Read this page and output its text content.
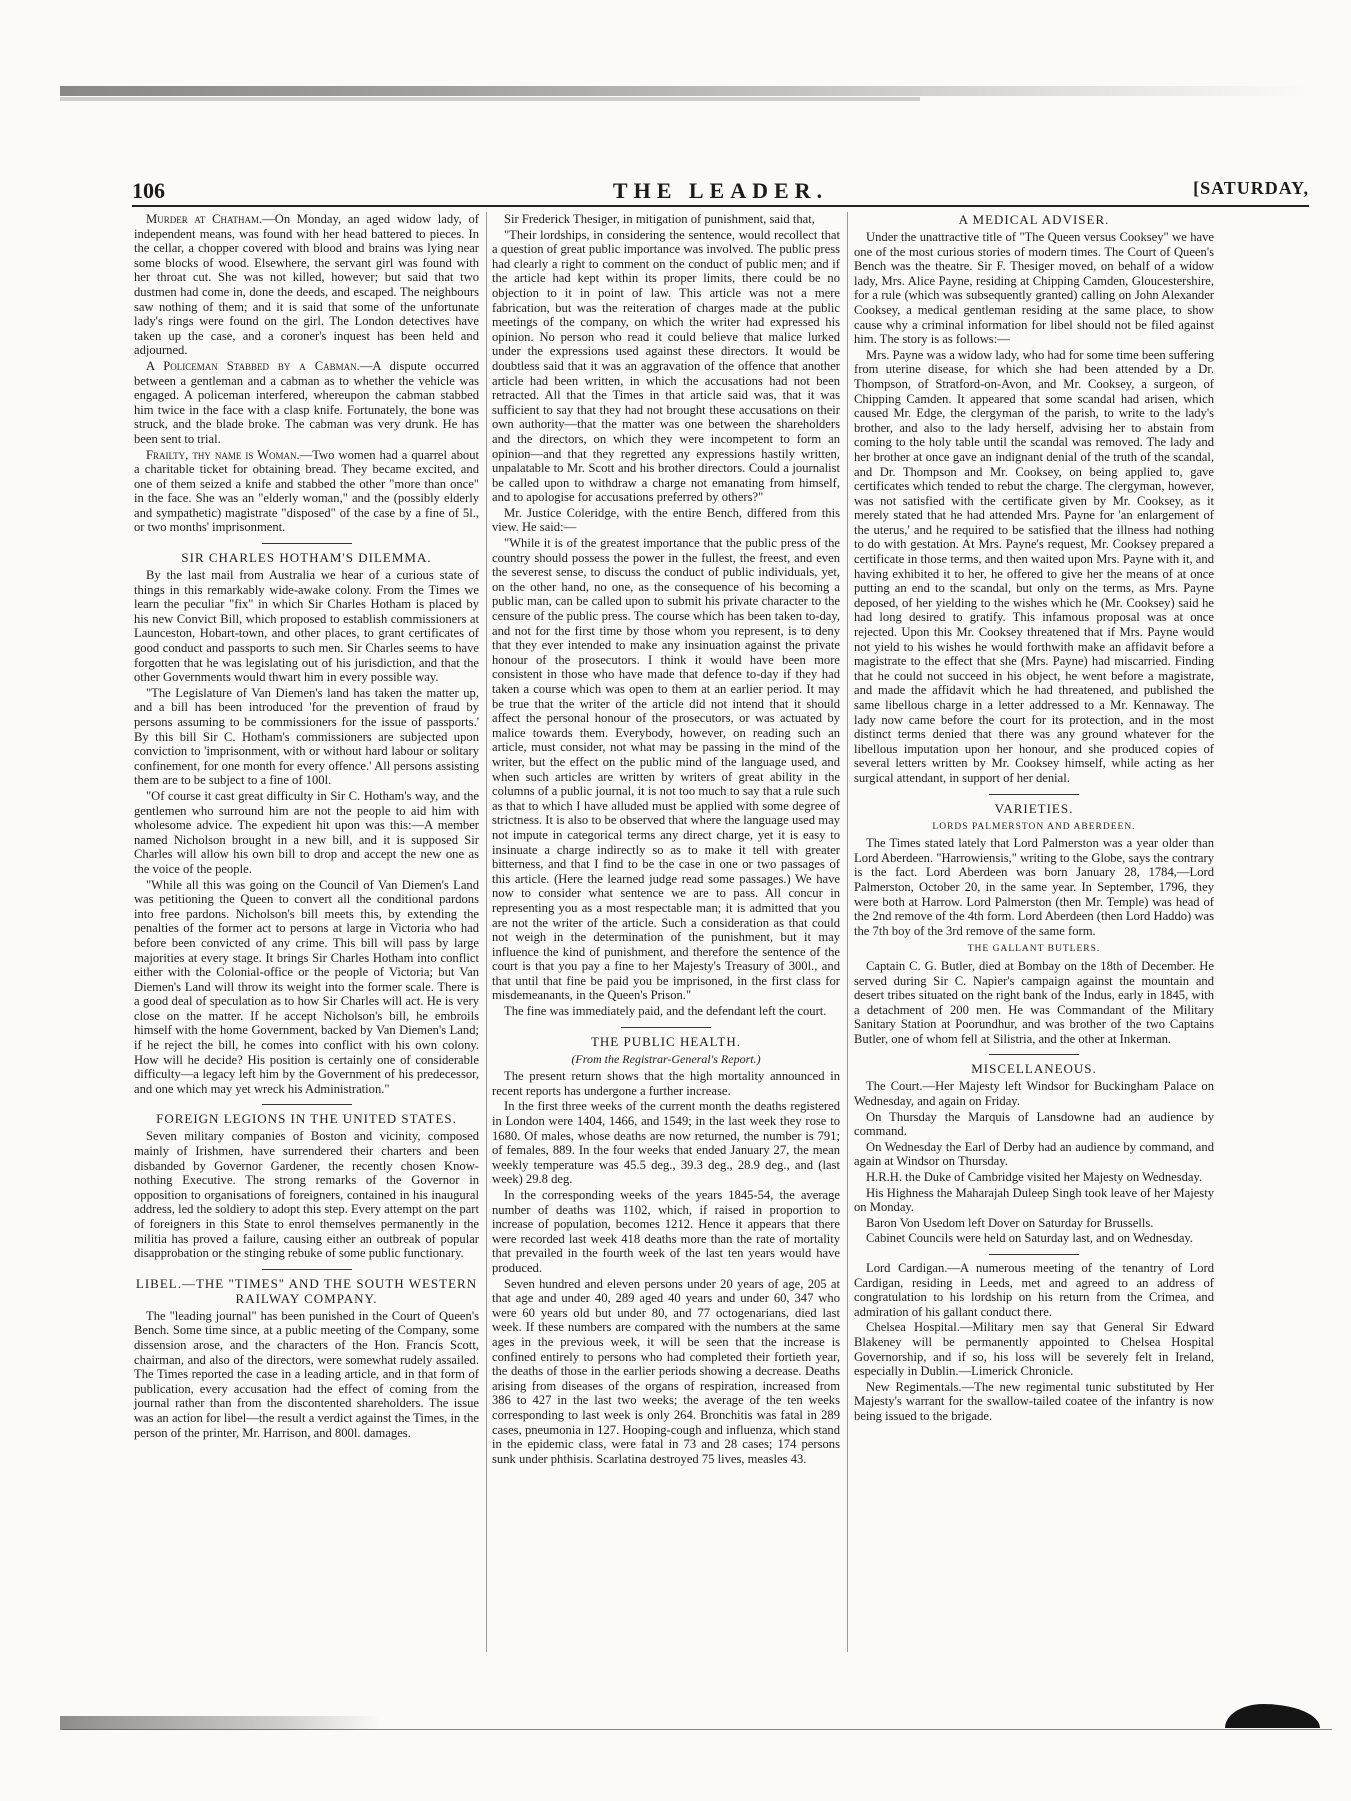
106	THE LEADER.	[SATURDAY,

Murder at Chatham.—On Monday, an aged widow lady, of independent means, was found with her head battered to pieces. In the cellar, a chopper covered with blood and brains was lying near some blocks of wood. Elsewhere, the servant girl was found with her throat cut. She was not killed, however; but said that two dustmen had come in, done the deeds, and escaped. The neighbours saw nothing of them; and it is said that some of the unfortunate lady's rings were found on the girl. The London detectives have taken up the case, and a coroner's inquest has been held and adjourned.

A Policeman Stabbed by a Cabman.—A dispute occurred between a gentleman and a cabman as to whether the vehicle was engaged. A policeman interfered, whereupon the cabman stabbed him twice in the face with a clasp knife. Fortunately, the bone was struck, and the blade broke. The cabman was very drunk. He has been sent to trial.

Frailty, thy name is Woman.—Two women had a quarrel about a charitable ticket for obtaining bread. They became excited, and one of them seized a knife and stabbed the other "more than once" in the face. She was an "elderly woman," and the (possibly elderly and sympathetic) magistrate "disposed" of the case by a fine of 5l., or two months' imprisonment.

SIR CHARLES HOTHAM'S DILEMMA.

By the last mail from Australia we hear of a curious state of things in this remarkably wide-awake colony. From the Times we learn the peculiar "fix" in which Sir Charles Hotham is placed by his new Convict Bill, which proposed to establish commissioners at Launceston, Hobart-town, and other places, to grant certificates of good conduct and passports to such men. Sir Charles seems to have forgotten that he was legislating out of his jurisdiction, and that the other Governments would thwart him in every possible way.

"The Legislature of Van Diemen's land has taken the matter up, and a bill has been introduced 'for the prevention of fraud by persons assuming to be commissioners for the issue of passports.' By this bill Sir C. Hotham's commissioners are subjected upon conviction to 'imprisonment, with or without hard labour or solitary confinement, for one month for every offence.' All persons assisting them are to be subject to a fine of 100l.

"Of course it cast great difficulty in Sir C. Hotham's way, and the gentlemen who surround him are not the people to aid him with wholesome advice. The expedient hit upon was this:—A member named Nicholson brought in a new bill, and it is supposed Sir Charles will allow his own bill to drop and accept the new one as the voice of the people.

"While all this was going on the Council of Van Diemen's Land was petitioning the Queen to convert all the conditional pardons into free pardons. Nicholson's bill meets this, by extending the penalties of the former act to persons at large in Victoria who had before been convicted of any crime. This bill will pass by large majorities at every stage. It brings Sir Charles Hotham into conflict either with the Colonial-office or the people of Victoria; but Van Diemen's Land will throw its weight into the former scale. There is a good deal of speculation as to how Sir Charles will act. He is very close on the matter. If he accept Nicholson's bill, he embroils himself with the home Government, backed by Van Diemen's Land; if he reject the bill, he comes into conflict with his own colony. How will he decide? His position is certainly one of considerable difficulty—a legacy left him by the Government of his predecessor, and one which may yet wreck his Administration."

FOREIGN LEGIONS IN THE UNITED STATES.

Seven military companies of Boston and vicinity, composed mainly of Irishmen, have surrendered their charters and been disbanded by Governor Gardener, the recently chosen Know-nothing Executive. The strong remarks of the Governor in opposition to organisations of foreigners, contained in his inaugural address, led the soldiery to adopt this step. Every attempt on the part of foreigners in this State to enrol themselves permanently in the militia has proved a failure, causing either an outbreak of popular disapprobation or the stinging rebuke of some public functionary.

LIBEL.—THE "TIMES" AND THE SOUTH WESTERN RAILWAY COMPANY.

The "leading journal" has been punished in the Court of Queen's Bench. Some time since, at a public meeting of the Company, some dissension arose, and the characters of the Hon. Francis Scott, chairman, and also of the directors, were somewhat rudely assailed. The Times reported the case in a leading article, and in that form of publication, every accusation had the effect of coming from the journal rather than from the discontented shareholders. The issue was an action for libel—the result a verdict against the Times, in the person of the printer, Mr. Harrison, and 800l. damages.

Sir Frederick Thesiger, in mitigation of punishment, said that,

"Their lordships, in considering the sentence, would recollect that a question of great public importance was involved. The public press had clearly a right to comment on the conduct of public men; and if the article had kept within its proper limits, there could be no objection to it in point of law. This article was not a mere fabrication, but was the reiteration of charges made at the public meetings of the company, on which the writer had expressed his opinion. No person who read it could believe that malice lurked under the expressions used against these directors. It would be doubtless said that it was an aggravation of the offence that another article had been written, in which the accusations had not been retracted. All that the Times in that article said was, that it was sufficient to say that they had not brought these accusations on their own authority—that the matter was one between the shareholders and the directors, on which they were incompetent to form an opinion—and that they regretted any expressions hastily written, unpalatable to Mr. Scott and his brother directors. Could a journalist be called upon to withdraw a charge not emanating from himself, and to apologise for accusations preferred by others?"

Mr. Justice Coleridge, with the entire Bench, differed from this view. He said:—

"While it is of the greatest importance that the public press of the country should possess the power in the fullest, the freest, and even the severest sense, to discuss the conduct of public individuals, yet, on the other hand, no one, as the consequence of his becoming a public man, can be called upon to submit his private character to the censure of the public press. The course which has been taken to-day, and not for the first time by those whom you represent, is to deny that they ever intended to make any insinuation against the private honour of the prosecutors. I think it would have been more consistent in those who have made that defence to-day if they had taken a course which was open to them at an earlier period. It may be true that the writer of the article did not intend that it should affect the personal honour of the prosecutors, or was actuated by malice towards them. Everybody, however, on reading such an article, must consider, not what may be passing in the mind of the writer, but the effect on the public mind of the language used, and when such articles are written by writers of great ability in the columns of a public journal, it is not too much to say that a rule such as that to which I have alluded must be applied with some degree of strictness. It is also to be observed that where the language used may not impute in categorical terms any direct charge, yet it is easy to insinuate a charge indirectly so as to make it tell with greater bitterness, and that I find to be the case in one or two passages of this article. (Here the learned judge read some passages.) We have now to consider what sentence we are to pass. All concur in representing you as a most respectable man; it is admitted that you are not the writer of the article. Such a consideration as that could not weigh in the determination of the punishment, but it may influence the kind of punishment, and therefore the sentence of the court is that you pay a fine to her Majesty's Treasury of 300l., and that until that fine be paid you be imprisoned, in the first class for misdemeanants, in the Queen's Prison."

The fine was immediately paid, and the defendant left the court.

THE PUBLIC HEALTH.
(From the Registrar-General's Report.)

The present return shows that the high mortality announced in recent reports has undergone a further increase.

In the first three weeks of the current month the deaths registered in London were 1404, 1466, and 1549; in the last week they rose to 1680. Of males, whose deaths are now returned, the number is 791; of females, 889. In the four weeks that ended January 27, the mean weekly temperature was 45.5 deg., 39.3 deg., 28.9 deg., and (last week) 29.8 deg.

In the corresponding weeks of the years 1845-54, the average number of deaths was 1102, which, if raised in proportion to increase of population, becomes 1212. Hence it appears that there were recorded last week 418 deaths more than the rate of mortality that prevailed in the fourth week of the last ten years would have produced.

Seven hundred and eleven persons under 20 years of age, 205 at that age and under 40, 289 aged 40 years and under 60, 347 who were 60 years old but under 80, and 77 octogenarians, died last week. If these numbers are compared with the numbers at the same ages in the previous week, it will be seen that the increase is confined entirely to persons who had completed their fortieth year, the deaths of those in the earlier periods showing a decrease. Deaths arising from diseases of the organs of respiration, increased from 386 to 427 in the last two weeks; the average of the ten weeks corresponding to last week is only 264. Bronchitis was fatal in 289 cases, pneumonia in 127. Hooping-cough and influenza, which stand in the epidemic class, were fatal in 73 and 28 cases; 174 persons sunk under phthisis. Scarlatina destroyed 75 lives, measles 43.

A MEDICAL ADVISER.

Under the unattractive title of "The Queen versus Cooksey" we have one of the most curious stories of modern times. The Court of Queen's Bench was the theatre. Sir F. Thesiger moved, on behalf of a widow lady, Mrs. Alice Payne, residing at Chipping Camden, Gloucestershire, for a rule (which was subsequently granted) calling on John Alexander Cooksey, a medical gentleman residing at the same place, to show cause why a criminal information for libel should not be filed against him. The story is as follows:—

Mrs. Payne was a widow lady, who had for some time been suffering from uterine disease, for which she had been attended by a Dr. Thompson, of Stratford-on-Avon, and Mr. Cooksey, a surgeon, of Chipping Camden. It appeared that some scandal had arisen, which caused Mr. Edge, the clergyman of the parish, to write to the lady's brother, and also to the lady herself, advising her to abstain from coming to the holy table until the scandal was removed. The lady and her brother at once gave an indignant denial of the truth of the scandal, and Dr. Thompson and Mr. Cooksey, on being applied to, gave certificates which tended to rebut the charge. The clergyman, however, was not satisfied with the certificate given by Mr. Cooksey, as it merely stated that he had attended Mrs. Payne for 'an enlargement of the uterus,' and he required to be satisfied that the illness had nothing to do with gestation. At Mrs. Payne's request, Mr. Cooksey prepared a certificate in those terms, and then waited upon Mrs. Payne with it, and having exhibited it to her, he offered to give her the means of at once putting an end to the scandal, but only on the terms, as Mrs. Payne deposed, of her yielding to the wishes which he (Mr. Cooksey) said he had long desired to gratify. This infamous proposal was at once rejected. Upon this Mr. Cooksey threatened that if Mrs. Payne would not yield to his wishes he would forthwith make an affidavit before a magistrate to the effect that she (Mrs. Payne) had miscarried. Finding that he could not succeed in his object, he went before a magistrate, and made the affidavit which he had threatened, and published the same libellous charge in a letter addressed to a Mr. Kennaway. The lady now came before the court for its protection, and in the most distinct terms denied that there was any ground whatever for the libellous imputation upon her honour, and she produced copies of several letters written by Mr. Cooksey himself, while acting as her surgical attendant, in support of her denial.

VARIETIES.
LORDS PALMERSTON AND ABERDEEN.

The Times stated lately that Lord Palmerston was a year older than Lord Aberdeen. "Harrowiensis," writing to the Globe, says the contrary is the fact. Lord Aberdeen was born January 28, 1784,—Lord Palmerston, October 20, in the same year. In September, 1796, they were both at Harrow. Lord Palmerston (then Mr. Temple) was head of the 2nd remove of the 4th form. Lord Aberdeen (then Lord Haddo) was the 7th boy of the 3rd remove of the same form.

THE GALLANT BUTLERS.

Captain C. G. Butler, died at Bombay on the 18th of December. He served during Sir C. Napier's campaign against the mountain and desert tribes situated on the right bank of the Indus, early in 1845, with a detachment of 200 men. He was Commandant of the Military Sanitary Station at Poorundhur, and was brother of the two Captains Butler, one of whom fell at Silistria, and the other at Inkerman.

MISCELLANEOUS.

The Court.—Her Majesty left Windsor for Buckingham Palace on Wednesday, and again on Friday.

On Thursday the Marquis of Lansdowne had an audience by command.

On Wednesday the Earl of Derby had an audience by command, and again at Windsor on Thursday.

H.R.H. the Duke of Cambridge visited her Majesty on Wednesday.

His Highness the Maharajah Duleep Singh took leave of her Majesty on Monday.

Baron Von Usedom left Dover on Saturday for Brussells.

Cabinet Councils were held on Saturday last, and on Wednesday.

Lord Cardigan.—A numerous meeting of the tenantry of Lord Cardigan, residing in Leeds, met and agreed to an address of congratulation to his lordship on his return from the Crimea, and admiration of his gallant conduct there.

Chelsea Hospital.—Military men say that General Sir Edward Blakeney will be permanently appointed to Chelsea Hospital Governorship, and if so, his loss will be severely felt in Ireland, especially in Dublin.—Limerick Chronicle.

New Regimentals.—The new regimental tunic substituted by Her Majesty's warrant for the swallow-tailed coatee of the infantry is now being issued to the brigade.
